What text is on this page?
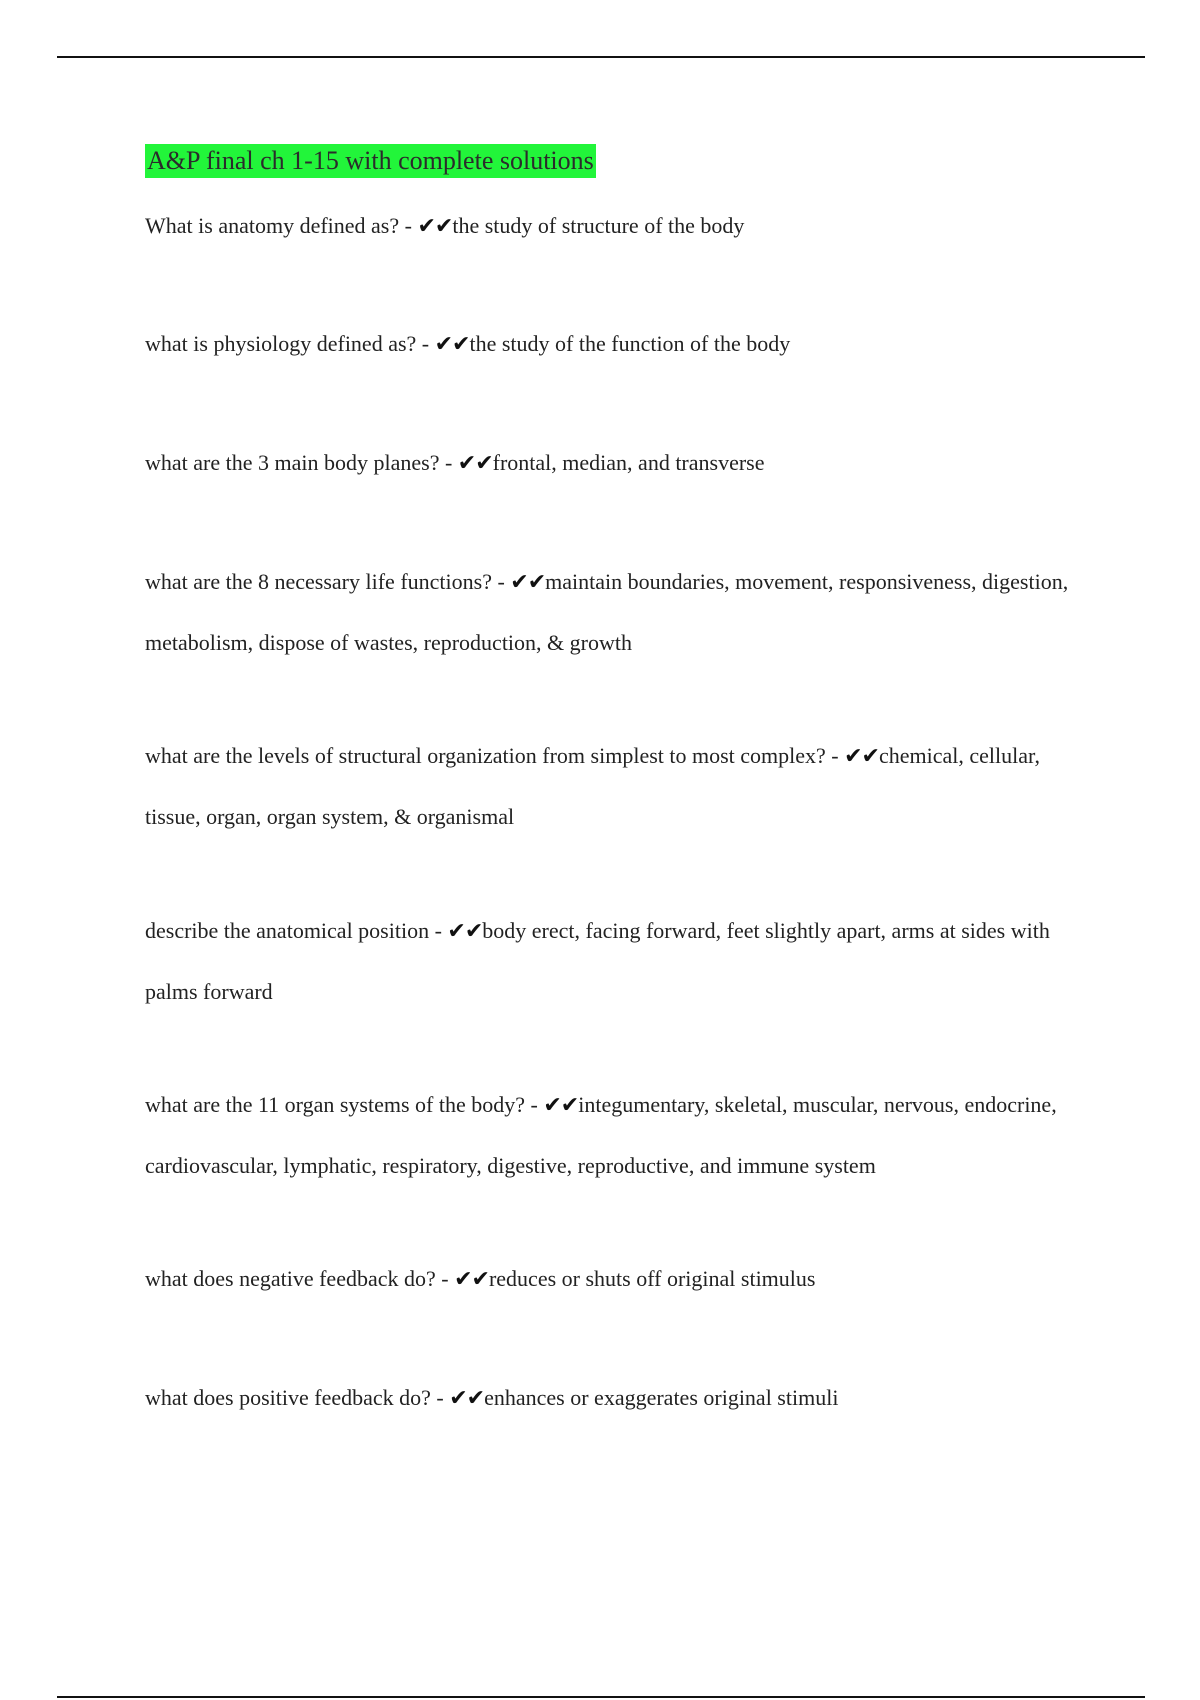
A&P final ch 1-15 with complete solutions

What is anatomy defined as? - ✔✔the study of structure of the body

what is physiology defined as? - ✔✔the study of the function of the body

what are the 3 main body planes? - ✔✔frontal, median, and transverse

what are the 8 necessary life functions? - ✔✔maintain boundaries, movement, responsiveness, digestion, metabolism, dispose of wastes, reproduction, & growth

what are the levels of structural organization from simplest to most complex? - ✔✔chemical, cellular, tissue, organ, organ system, & organismal

describe the anatomical position - ✔✔body erect, facing forward, feet slightly apart, arms at sides with palms forward

what are the 11 organ systems of the body? - ✔✔integumentary, skeletal, muscular, nervous, endocrine, cardiovascular, lymphatic, respiratory, digestive, reproductive, and immune system

what does negative feedback do? - ✔✔reduces or shuts off original stimulus

what does positive feedback do? - ✔✔enhances or exaggerates original stimuli
